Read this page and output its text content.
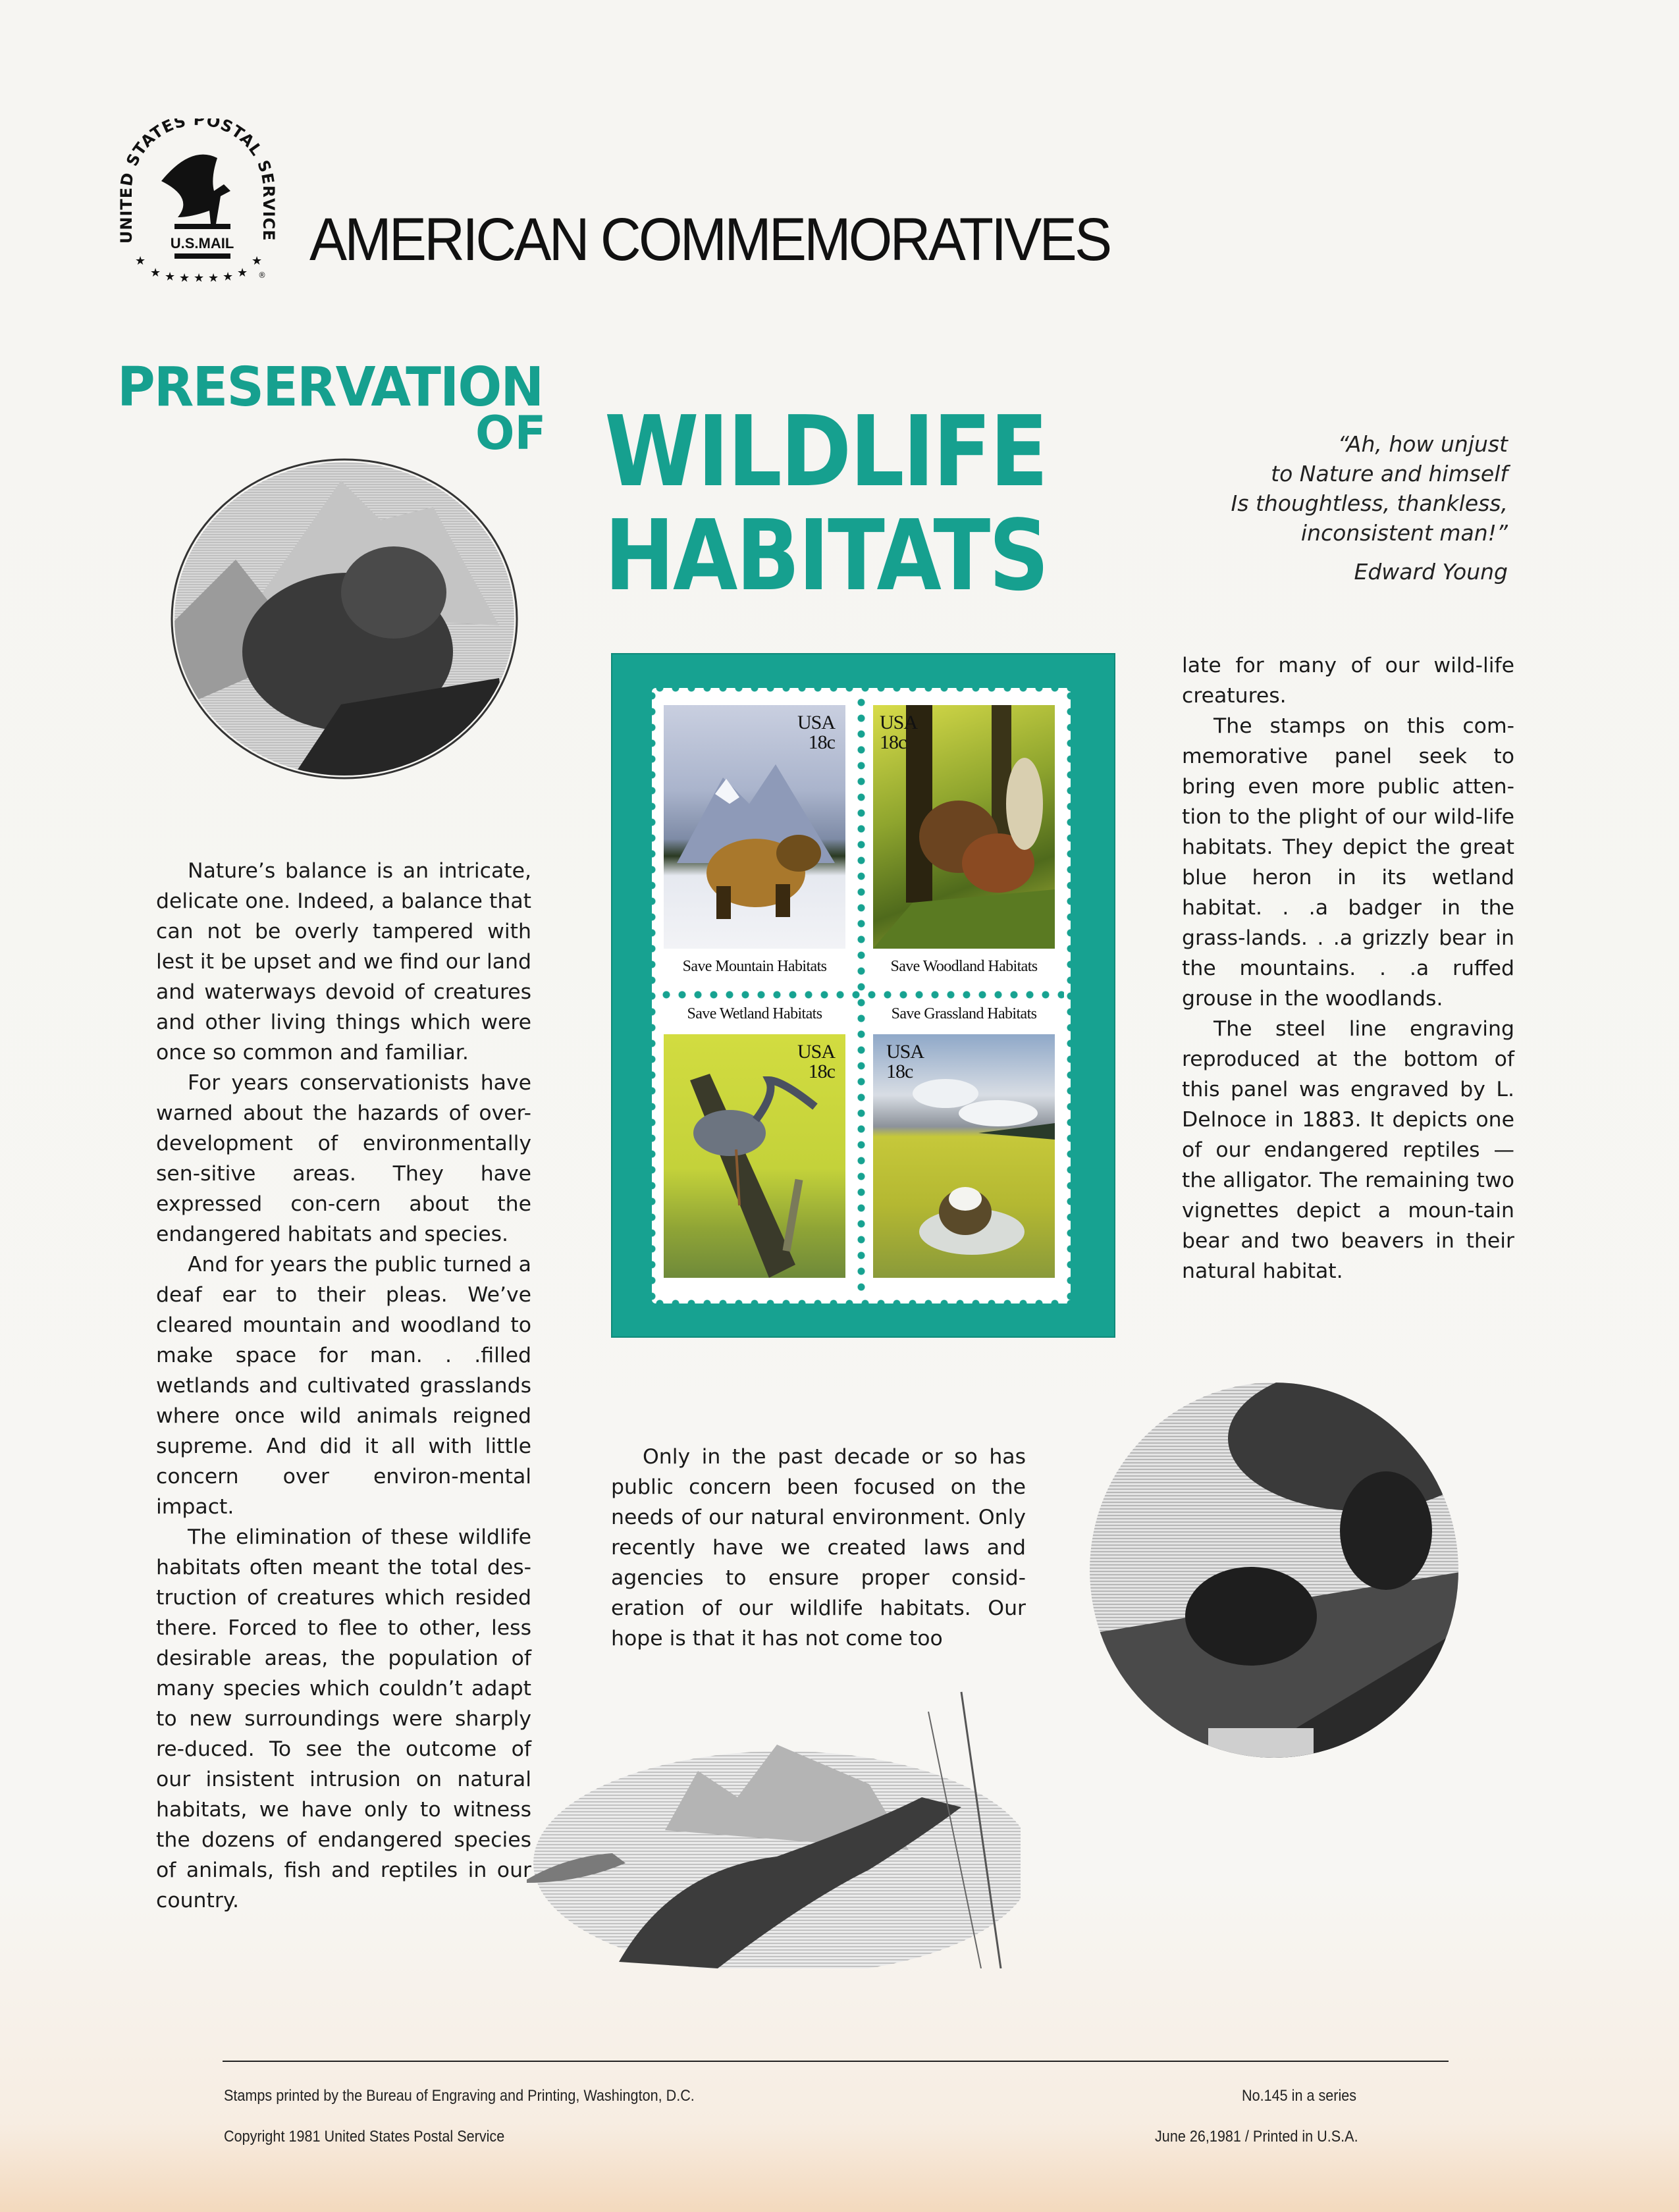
UNITED STATES POSTAL SERVICE
U.S.MAIL
★
★ ★ ★ ★ ★ ★ ★
★
®
AMERICAN COMMEMORATIVES
PRESERVATION
OF WILDLIFE
HABITATS
“Ah, how unjust
to Nature and himself
Is thoughtless, thankless,
inconsistent man!”
Edward Young

Nature’s balance is an intricate, delicate one. Indeed, a balance that can not be overly tampered with lest it be upset and we find our land and waterways devoid of creatures and other living things which were once so common and familiar.

For years conservationists have warned about the hazards of over-development of environmentally sen-sitive areas. They have expressed con-cern about the endangered habitats and species.

And for years the public turned a deaf ear to their pleas. We’ve cleared mountain and woodland to make space for man. . .filled wetlands and cultivated grasslands where once wild animals reigned supreme. And did it all with little concern over environ-mental impact.

The elimination of these wildlife habitats often meant the total des-truction of creatures which resided there. Forced to flee to other, less desirable areas, the population of many species which couldn’t adapt to new surroundings were sharply re-duced. To see the outcome of our insistent intrusion on natural habitats, we have only to witness the dozens of endangered species of animals, fish and reptiles in our country.

USA
18c
Save Mountain Habitats
USA
18c
Save Woodland Habitats
Save Wetland Habitats
USA
18c
Save Grassland Habitats
USA
18c

late for many of our wild-life creatures.

The stamps on this com-memorative panel seek to bring even more public atten-tion to the plight of our wild-life habitats. They depict the great blue heron in its wetland habitat. . .a badger in the grass-lands. . .a grizzly bear in the mountains. . .a ruffed grouse in the woodlands.

The steel line engraving reproduced at the bottom of this panel was engraved by L. Delnoce in 1883. It depicts one of our endangered reptiles —the alligator. The remaining two vignettes depict a moun-tain bear and two beavers in their natural habitat.

Only in the past decade or so has public concern been focused on the needs of our natural environment. Only recently have we created laws and agencies to ensure proper consid-eration of our wildlife habitats. Our hope is that it has not come too

Stamps printed by the Bureau of Engraving and Printing, Washington, D.C.
Copyright 1981 United States Postal Service
No.145 in a series
June 26,1981 / Printed in U.S.A.
